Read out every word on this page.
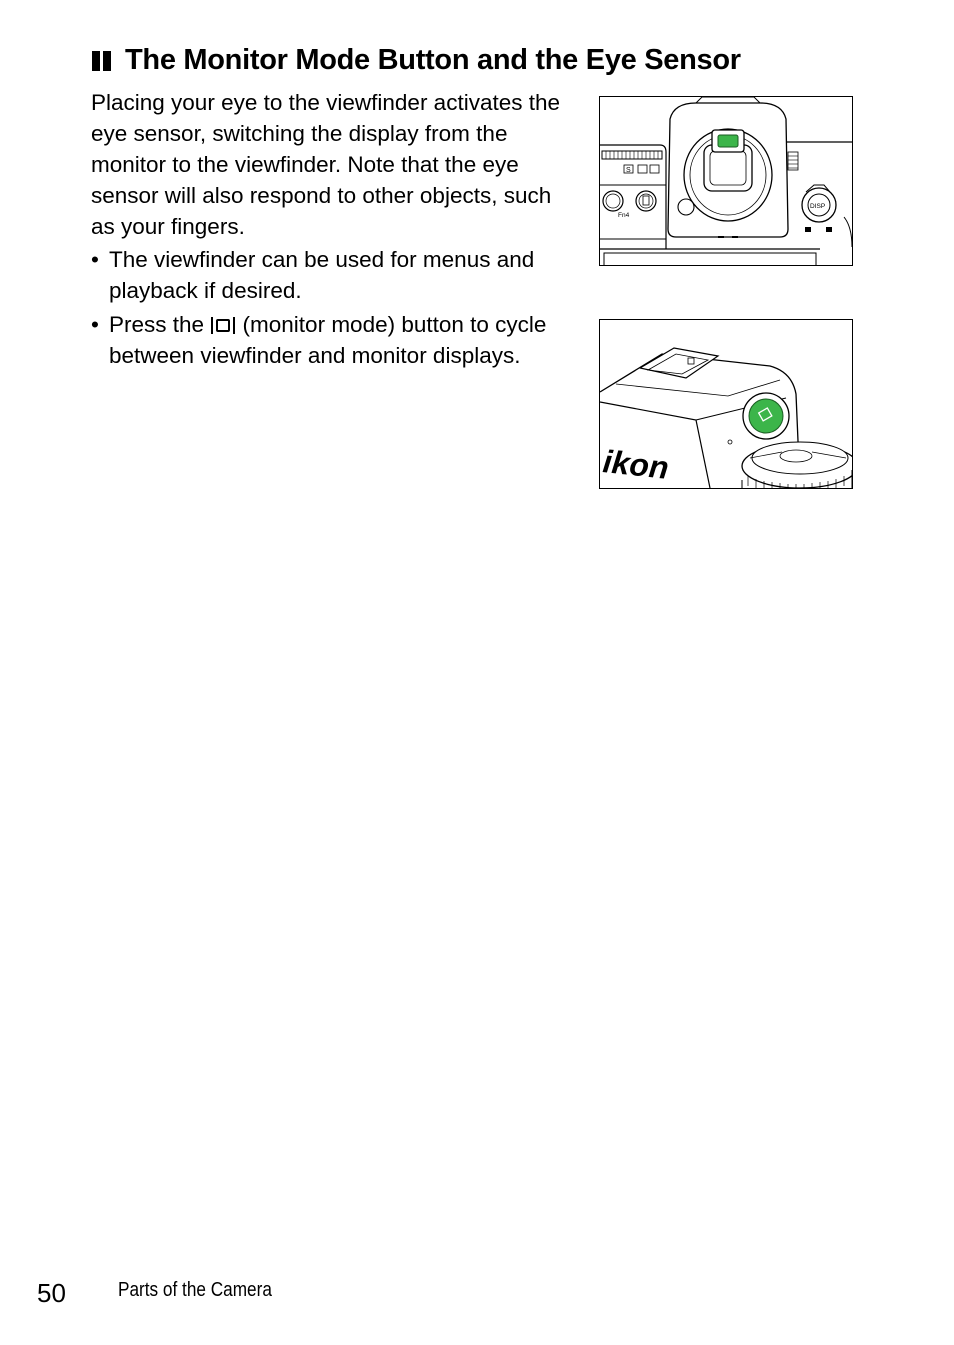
The Monitor Mode Button and the Eye Sensor

Placing your eye to the viewfinder activates the eye sensor, switching the display from the monitor to the viewfinder. Note that the eye sensor will also respond to other objects, such as your fingers.

• The viewfinder can be used for menus and playback if desired.
• Press the
(monitor mode) button to cycle between viewfinder and monitor displays.
S
Fn4
DISP
ikon
50	Parts of the Camera
